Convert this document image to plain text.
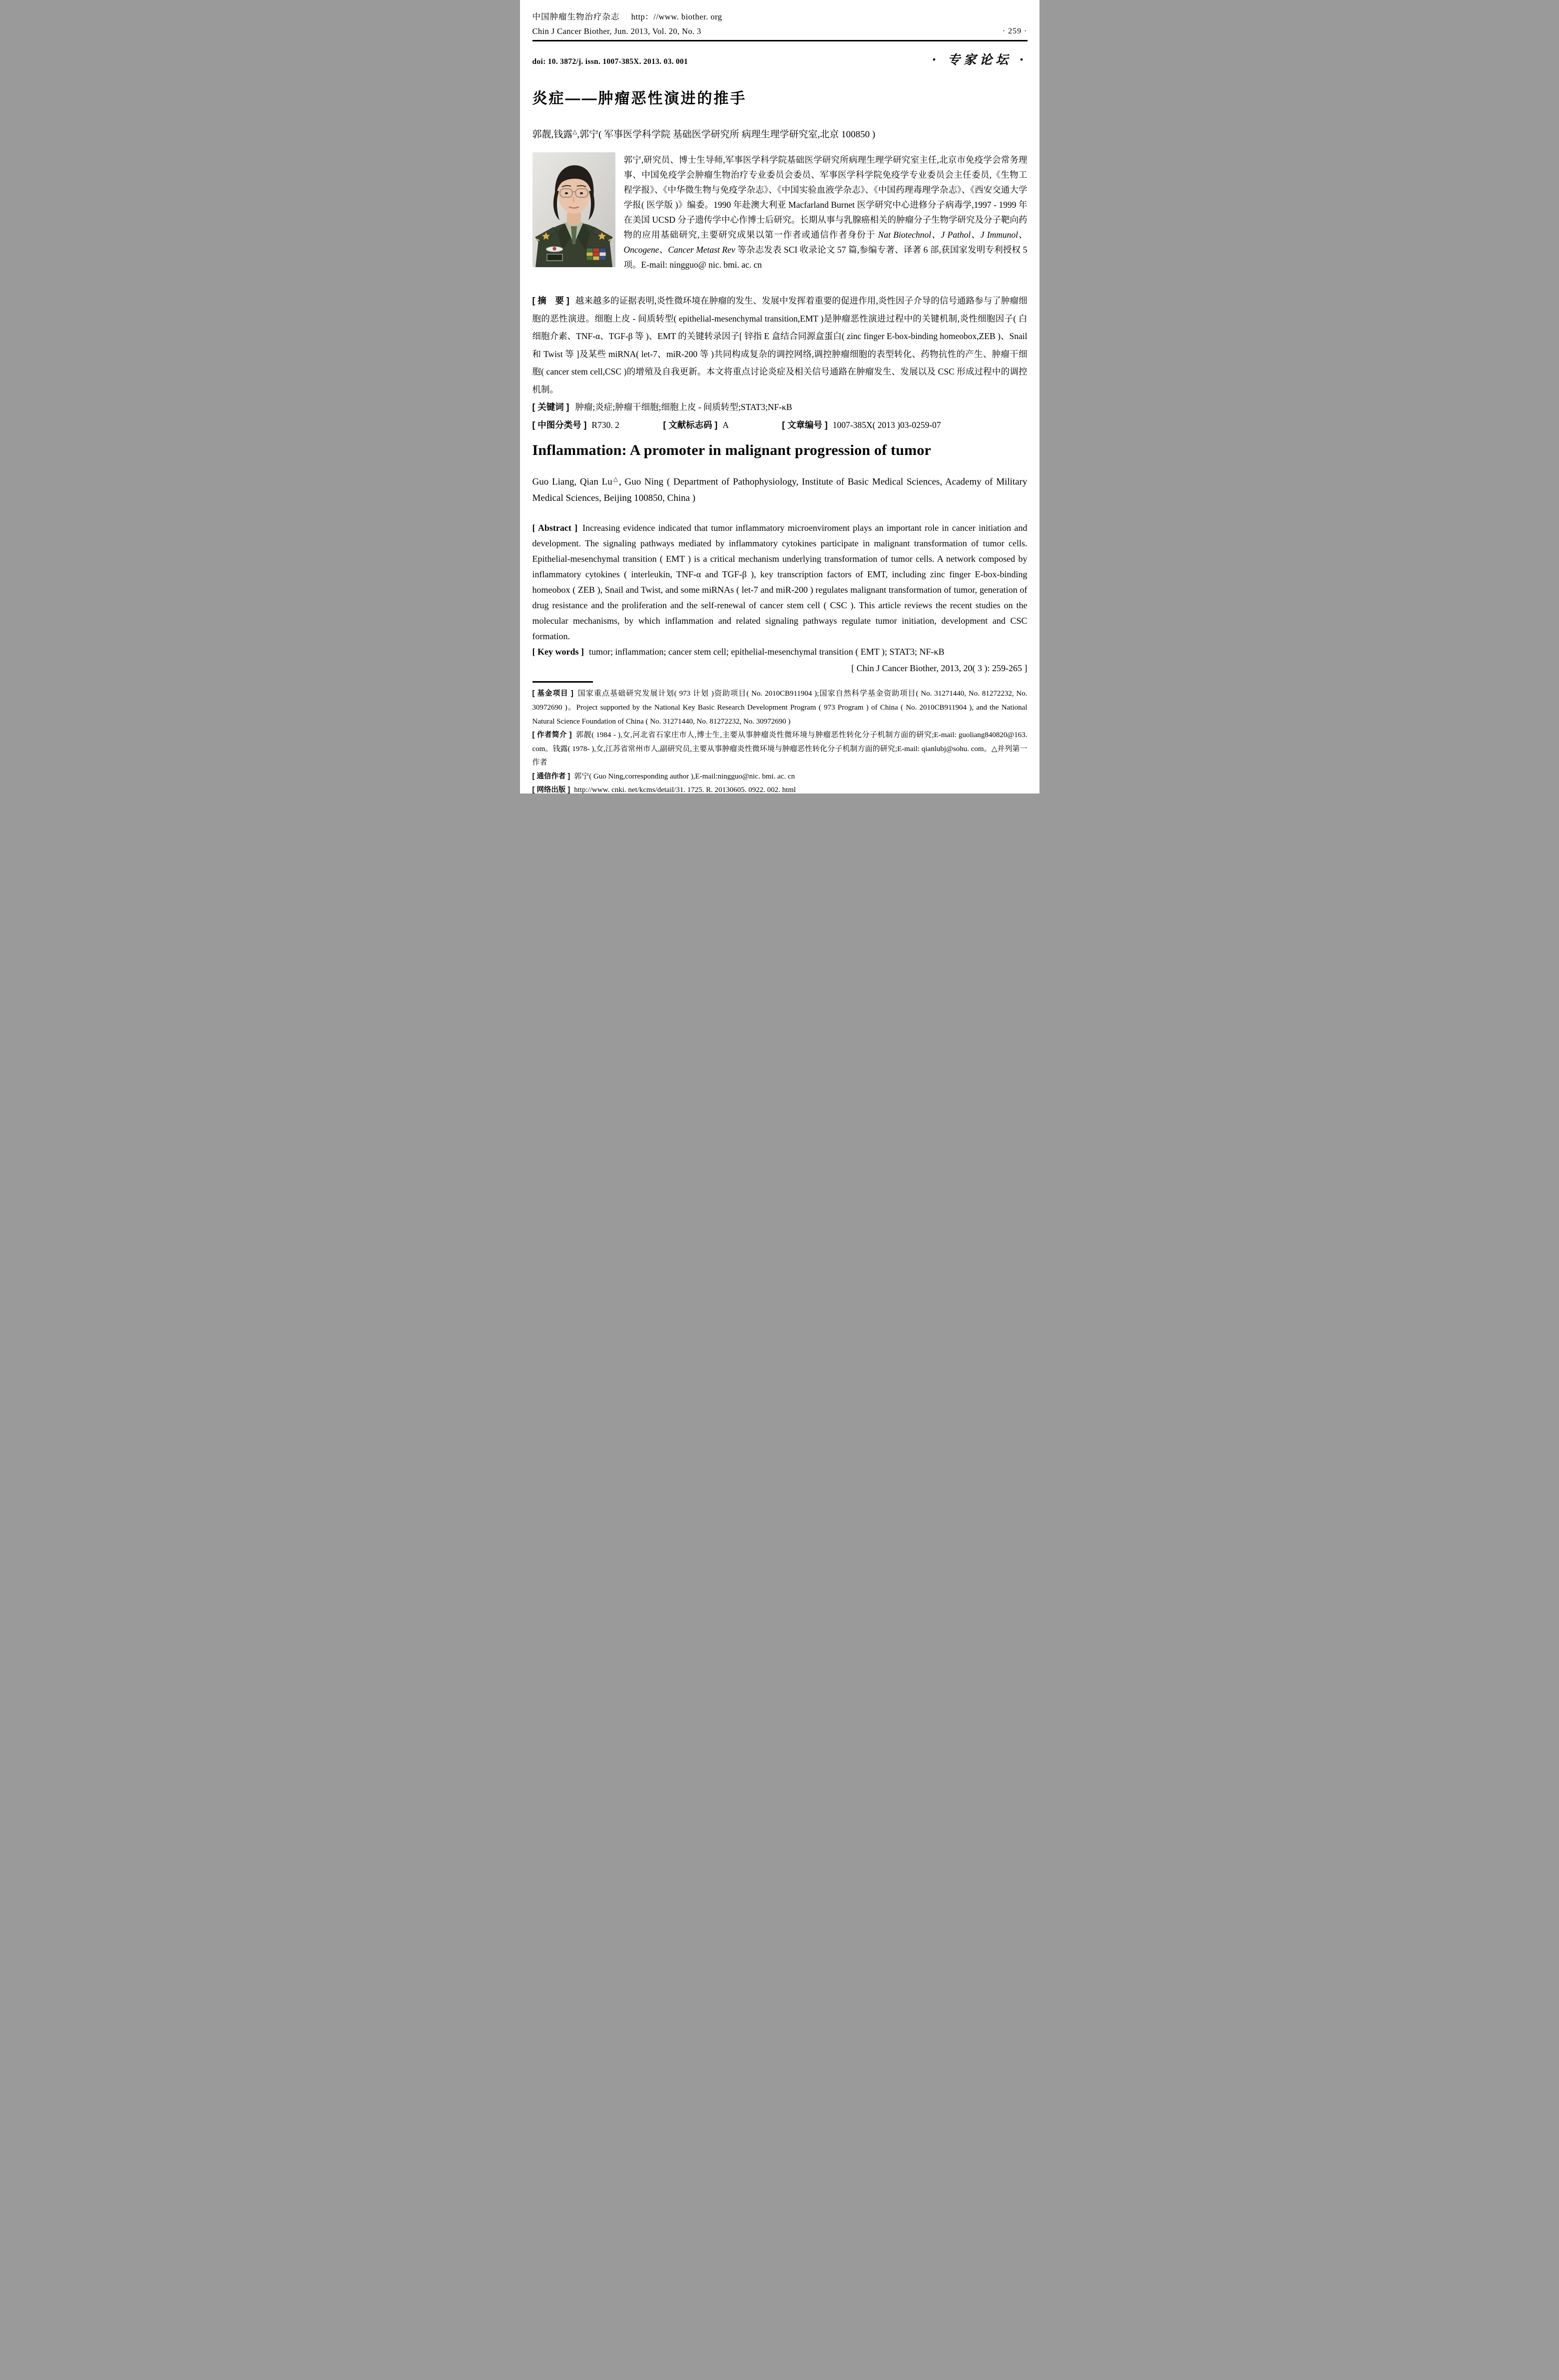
中国肿瘤生物治疗杂志 http：//www. biother. org
Chin J Cancer Biother, Jun. 2013, Vol. 20, No. 3	· 259 ·
doi: 10. 3872/j. issn. 1007-385X. 2013. 03. 001	· 专家论坛 ·
炎症——肿瘤恶性演进的推手
郭靓,钱露△,郭宁( 军事医学科学院 基础医学研究所 病理生理学研究室,北京 100850 )
郭宁,研究员、博士生导师,军事医学科学院基础医学研究所病理生理学研究室主任,北京市免疫学会常务理事、中国免疫学会肿瘤生物治疗专业委员会委员、军事医学科学院免疫学专业委员会主任委员,《生物工程学报》、《中华微生物与免疫学杂志》、《中国实验血液学杂志》、《中国药理毒理学杂志》、《西安交通大学学报( 医学版 )》编委。1990 年赴澳大利亚 Macfarland Burnet 医学研究中心进修分子病毒学,1997 - 1999 年在美国 UCSD 分子遗传学中心作博士后研究。长期从事与乳腺癌相关的肿瘤分子生物学研究及分子靶向药物的应用基础研究,主要研究成果以第一作者或通信作者身份于 Nat Biotechnol、J Pathol、J Immunol、Oncogene、Cancer Metast Rev 等杂志发表 SCI 收录论文 57 篇,参编专著、译著 6 部,获国家发明专利授权 5 项。E-mail: ningguo@ nic. bmi. ac. cn
[ 摘　要 ] 越来越多的证据表明,炎性微环境在肿瘤的发生、发展中发挥着重要的促进作用,炎性因子介导的信号通路参与了肿瘤细胞的恶性演进。细胞上皮 - 间质转型( epithelial-mesenchymal transition,EMT )是肿瘤恶性演进过程中的关键机制,炎性细胞因子( 白细胞介素、TNF-α、TGF-β 等 )、EMT 的关键转录因子[ 锌指 E 盒结合同源盒蛋白( zinc finger E-box-binding homeobox,ZEB )、Snail 和 Twist 等 ]及某些 miRNA( let-7、miR-200 等 )共同构成复杂的调控网络,调控肿瘤细胞的表型转化、药物抗性的产生、肿瘤干细胞( cancer stem cell,CSC )的增殖及自我更新。本文将重点讨论炎症及相关信号通路在肿瘤发生、发展以及 CSC 形成过程中的调控机制。
[ 关键词 ] 肿瘤;炎症;肿瘤干细胞;细胞上皮 - 间质转型;STAT3;NF-κB
[ 中图分类号 ] R730. 2	[ 文献标志码 ] A	[ 文章编号 ] 1007-385X( 2013 )03-0259-07
Inflammation: A promoter in malignant progression of tumor
Guo Liang, Qian Lu△, Guo Ning ( Department of Pathophysiology, Institute of Basic Medical Sciences, Academy of Military Medical Sciences, Beijing 100850, China )
[ Abstract ] Increasing evidence indicated that tumor inflammatory microenviroment plays an important role in cancer initiation and development. The signaling pathways mediated by inflammatory cytokines participate in malignant transformation of tumor cells. Epithelial-mesenchymal transition ( EMT ) is a critical mechanism underlying transformation of tumor cells. A network composed by inflammatory cytokines ( interleukin, TNF-α and TGF-β ), key transcription factors of EMT, including zinc finger E-box-binding homeobox ( ZEB ), Snail and Twist, and some miRNAs ( let-7 and miR-200 ) regulates malignant transformation of tumor, generation of drug resistance and the proliferation and the self-renewal of cancer stem cell ( CSC ). This article reviews the recent studies on the molecular mechanisms, by which inflammation and related signaling pathways regulate tumor initiation, development and CSC formation.
[ Key words ] tumor; inflammation; cancer stem cell; epithelial-mesenchymal transition ( EMT ); STAT3; NF-κB
[ Chin J Cancer Biother, 2013, 20( 3 ): 259-265 ]

[ 基金项目 ] 国家重点基础研究发展计划( 973 计划 )资助项目( No. 2010CB911904 );国家自然科学基金资助项目( No. 31271440, No. 81272232, No. 30972690 )。Project supported by the National Key Basic Research Development Program ( 973 Program ) of China ( No. 2010CB911904 ), and the National Natural Science Foundation of China ( No. 31271440, No. 81272232, No. 30972690 )

[ 作者简介 ] 郭靓( 1984 - ),女,河北省石家庄市人,博士生,主要从事肿瘤炎性微环境与肿瘤恶性转化分子机制方面的研究;E-mail: guoliang840820@163. com。钱露( 1978- ),女,江苏省常州市人,副研究员,主要从事肿瘤炎性微环境与肿瘤恶性转化分子机制方面的研究;E-mail: qianlubj@sohu. com。△并列第一作者

[ 通信作者 ] 郭宁( Guo Ning,corresponding author ),E-mail:ningguo@nic. bmi. ac. cn

[ 网络出版 ] http://www. cnki. net/kcms/detail/31. 1725. R. 20130605. 0922. 002. html
